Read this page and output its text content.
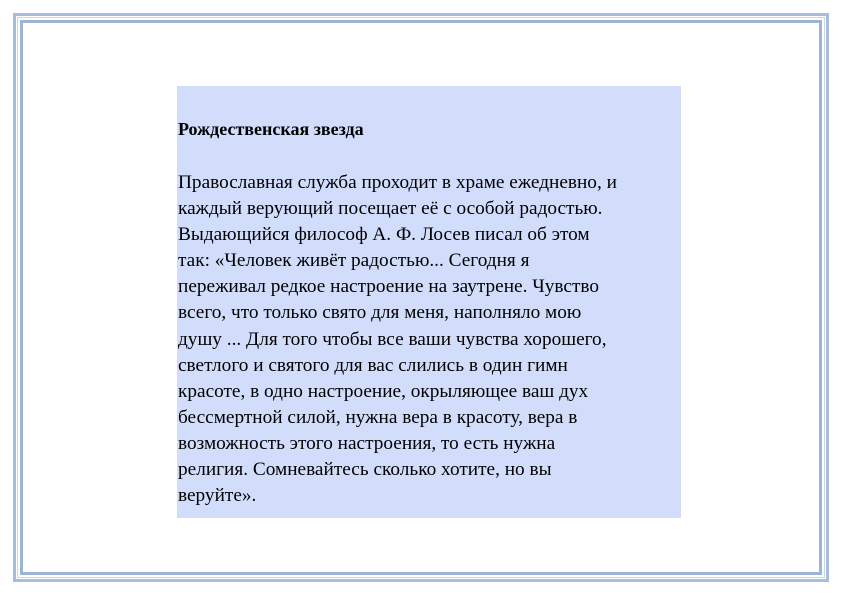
Рождественская звезда

Православная служба проходит в храме ежедневно, и
каждый верующий посещает её с особой радостью.
Выдающийся философ А. Ф. Лосев писал об этом
так: «Человек живёт радостью... Сегодня я
переживал редкое настроение на заутрене. Чувство
всего, что только свято для меня, наполняло мою
душу ... Для того чтобы все ваши чувства хорошего,
светлого и святого для вас слились в один гимн
красоте, в одно настроение, окрыляющее ваш дух
бессмертной силой, нужна вера в красоту, вера в
возможность этого настроения, то есть нужна
религия. Сомневайтесь сколько хотите, но вы
веруйте».
